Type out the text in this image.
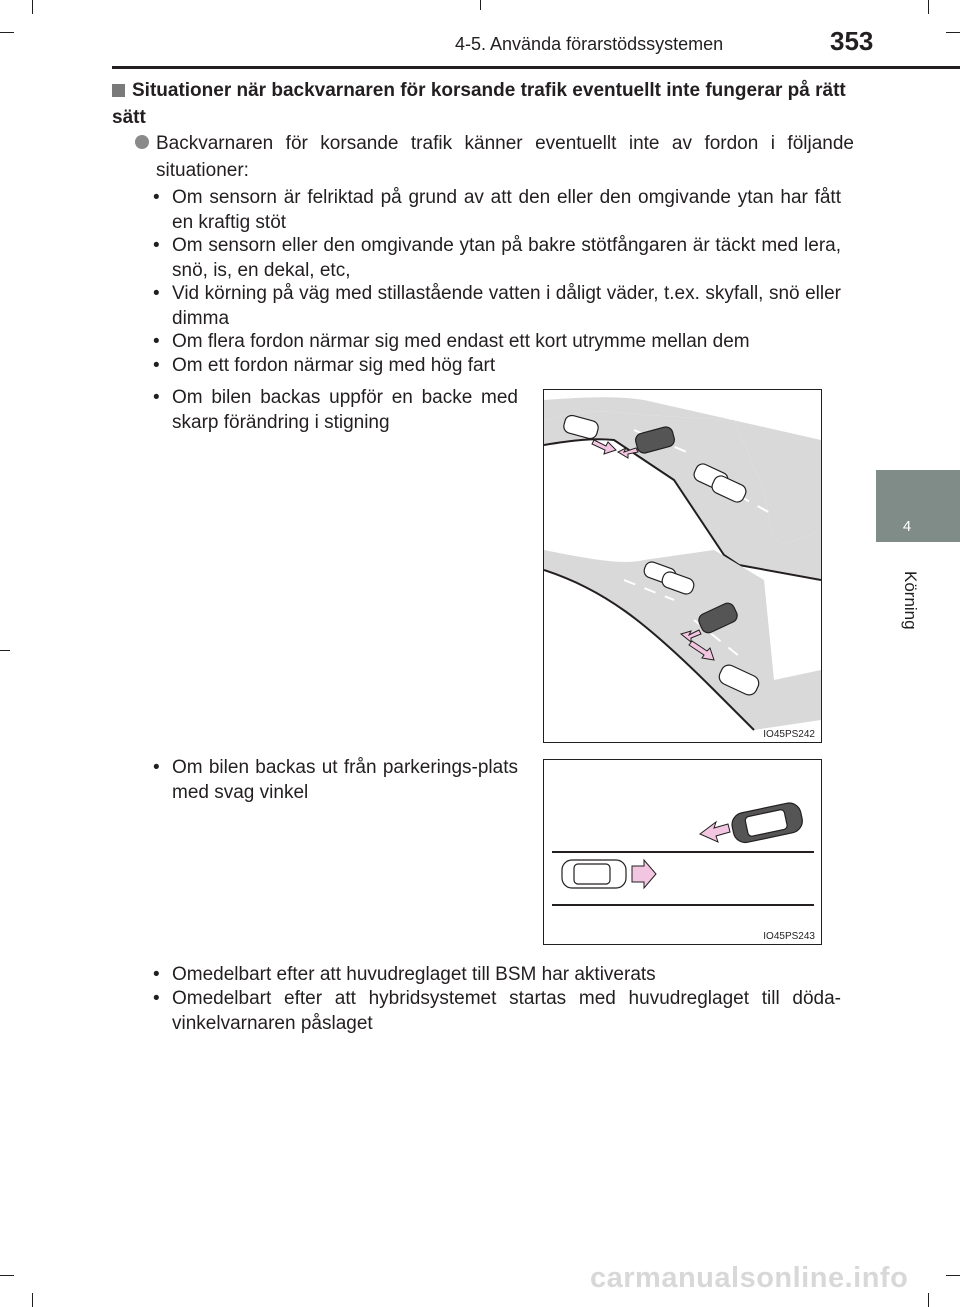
4-5. Använda förarstödssystemen	353
4
Körning
Situationer när backvarnaren för korsande trafik eventuellt inte fungerar på rätt sätt
Backvarnaren för korsande trafik känner eventuellt inte av fordon i följande situationer:
• Om sensorn är felriktad på grund av att den eller den omgivande ytan har fått en kraftig stöt
• Om sensorn eller den omgivande ytan på bakre stötfångaren är täckt med lera, snö, is, en dekal, etc,
• Vid körning på väg med stillastående vatten i dåligt väder, t.ex. skyfall, snö eller dimma
• Om flera fordon närmar sig med endast ett kort utrymme mellan dem
• Om ett fordon närmar sig med hög fart
• Om bilen backas uppför en backe med skarp förändring i stigning
IO45PS242
• Om bilen backas ut från parkerings-plats med svag vinkel
IO45PS243
• Omedelbart efter att huvudreglaget till BSM har aktiverats
• Omedelbart efter att hybridsystemet startas med huvudreglaget till döda-vinkelvarnaren påslaget
carmanualsonline.info
